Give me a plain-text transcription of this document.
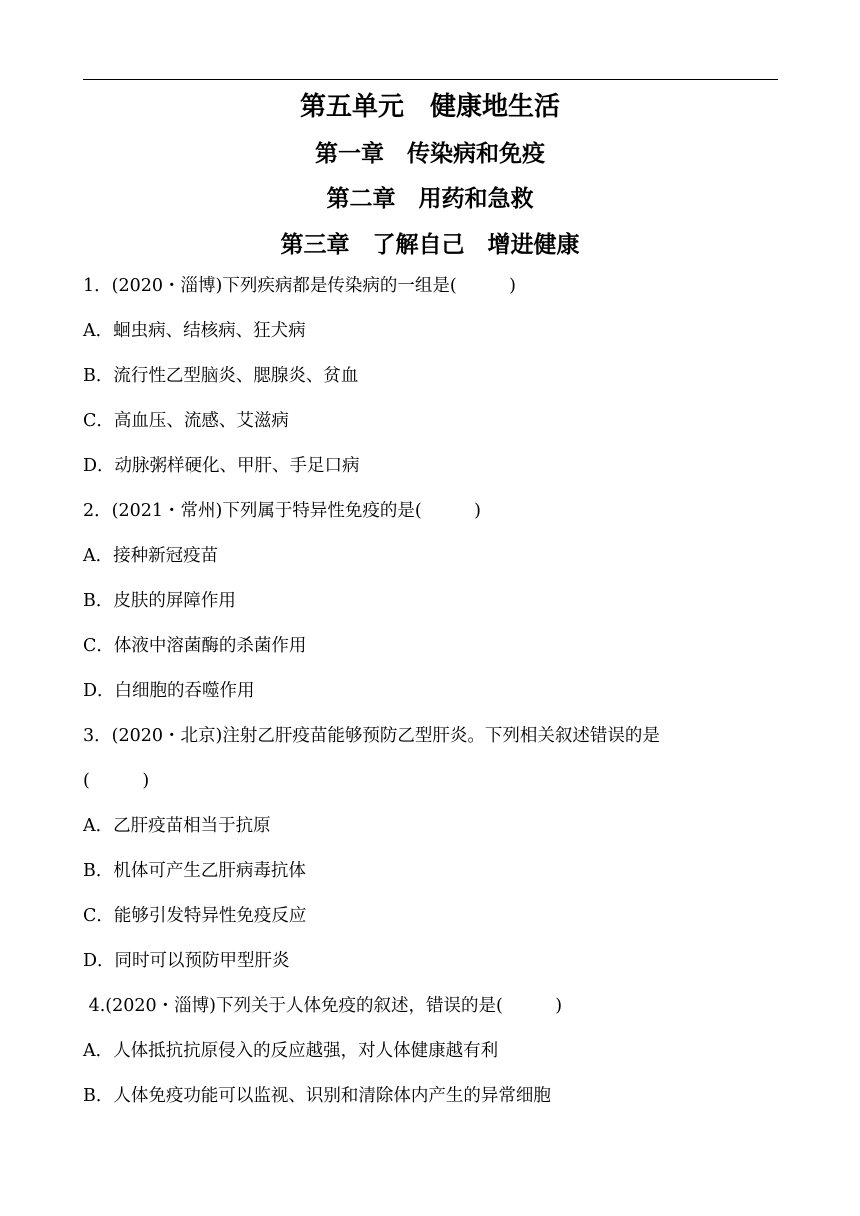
第五单元　健康地生活
第一章　传染病和免疫
第二章　用药和急救
第三章　了解自己　增进健康
1．(2020・淄博)下列疾病都是传染病的一组是(　　　)
A．蛔虫病、结核病、狂犬病
B．流行性乙型脑炎、腮腺炎、贫血
C．高血压、流感、艾滋病
D．动脉粥样硬化、甲肝、手足口病
2．(2021・常州)下列属于特异性免疫的是(　　　)
A．接种新冠疫苗
B．皮肤的屏障作用
C．体液中溶菌酶的杀菌作用
D．白细胞的吞噬作用
3．(2020・北京)注射乙肝疫苗能够预防乙型肝炎。下列相关叙述错误的是
(　　　)
A．乙肝疫苗相当于抗原
B．机体可产生乙肝病毒抗体
C．能够引发特异性免疫反应
D．同时可以预防甲型肝炎
4.(2020・淄博)下列关于人体免疫的叙述，错误的是(　　　)
A．人体抵抗抗原侵入的反应越强，对人体健康越有利
B．人体免疫功能可以监视、识别和清除体内产生的异常细胞
